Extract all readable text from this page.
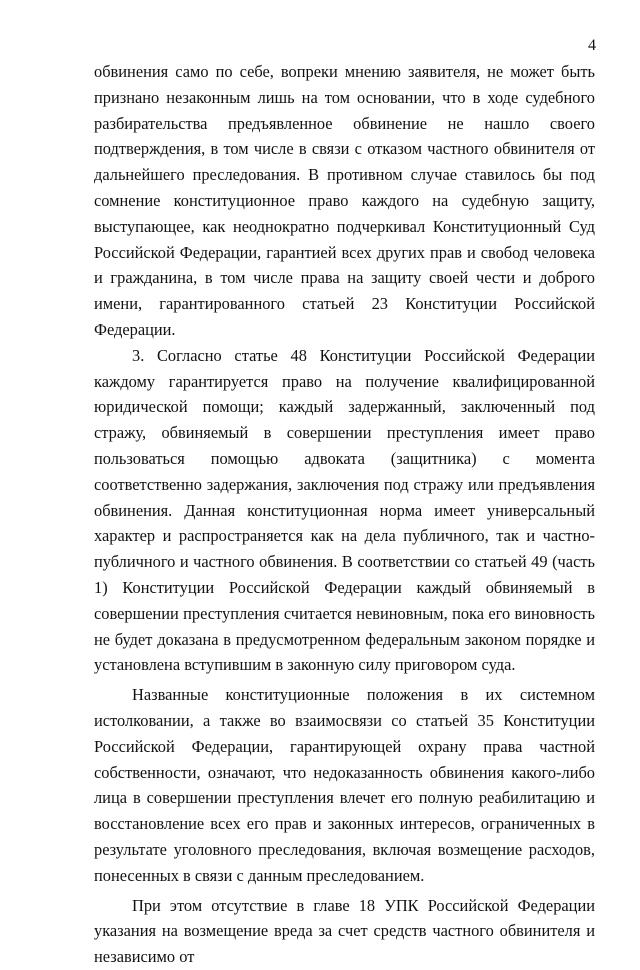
4

обвинения само по себе, вопреки мнению заявителя, не может быть признано незаконным лишь на том основании, что в ходе судебного разбирательства предъявленное обвинение не нашло своего подтверждения, в том числе в связи с отказом частного обвинителя от дальнейшего преследования. В противном случае ставилось бы под сомнение конституционное право каждого на судебную защиту, выступающее, как неоднократно подчеркивал Конституционный Суд Российской Федерации, гарантией всех других прав и свобод человека и гражданина, в том числе права на защиту своей чести и доброго имени, гарантированного статьей 23 Конституции Российской Федерации.

3. Согласно статье 48 Конституции Российской Федерации каждому гарантируется право на получение квалифицированной юридической помощи; каждый задержанный, заключенный под стражу, обвиняемый в совершении преступления имеет право пользоваться помощью адвоката (защитника) с момента соответственно задержания, заключения под стражу или предъявления обвинения. Данная конституционная норма имеет универсальный характер и распространяется как на дела публичного, так и частно-публичного и частного обвинения. В соответствии со статьей 49 (часть 1) Конституции Российской Федерации каждый обвиняемый в совершении преступления считается невиновным, пока его виновность не будет доказана в предусмотренном федеральным законом порядке и установлена вступившим в законную силу приговором суда.

Названные конституционные положения в их системном истолковании, а также во взаимосвязи со статьей 35 Конституции Российской Федерации, гарантирующей охрану права частной собственности, означают, что недоказанность обвинения какого-либо лица в совершении преступления влечет его полную реабилитацию и восстановление всех его прав и законных интересов, ограниченных в результате уголовного преследования, включая возмещение расходов, понесенных в связи с данным преследованием.

При этом отсутствие в главе 18 УПК Российской Федерации указания на возмещение вреда за счет средств частного обвинителя и независимо от
